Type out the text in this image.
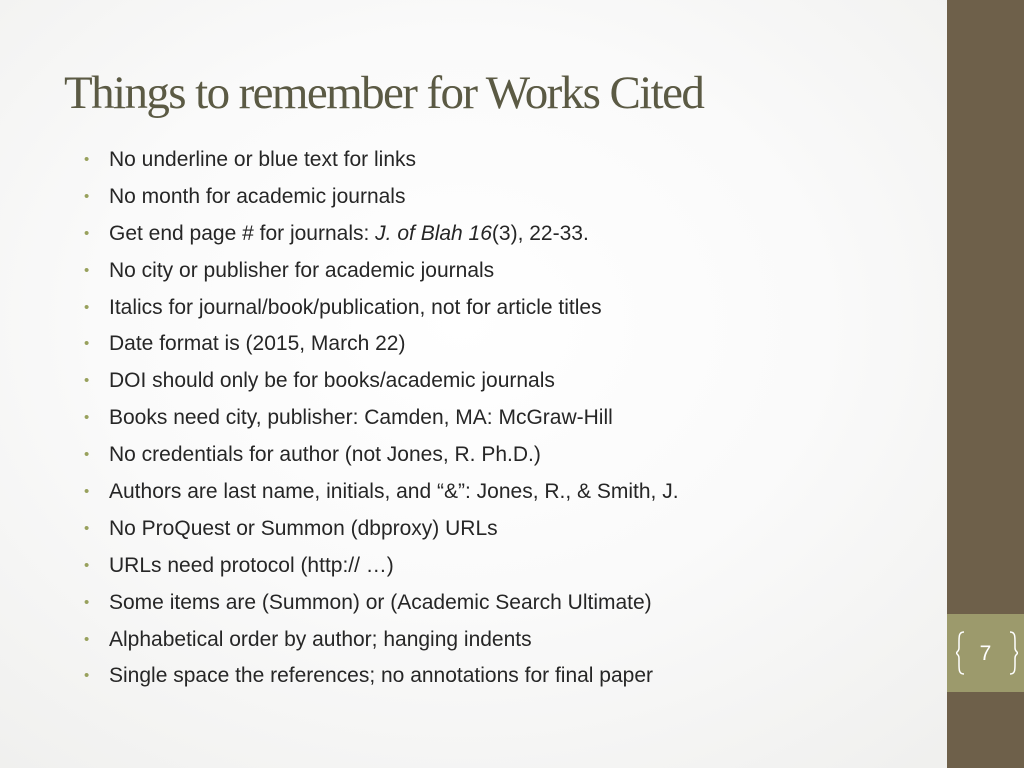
Things to remember for Works Cited
• No underline or blue text for links
• No month for academic journals
• Get end page # for journals: J. of Blah 16(3), 22-33.
• No city or publisher for academic journals
• Italics for journal/book/publication, not for article titles
• Date format is (2015, March 22)
• DOI should only be for books/academic journals
• Books need city, publisher: Camden, MA: McGraw-Hill
• No credentials for author (not Jones, R. Ph.D.)
• Authors are last name, initials, and “&”: Jones, R., & Smith, J.
• No ProQuest or Summon (dbproxy) URLs
• URLs need protocol (http:// …)
• Some items are (Summon) or (Academic Search Ultimate)
• Alphabetical order by author; hanging indents
• Single space the references; no annotations for final paper
7
